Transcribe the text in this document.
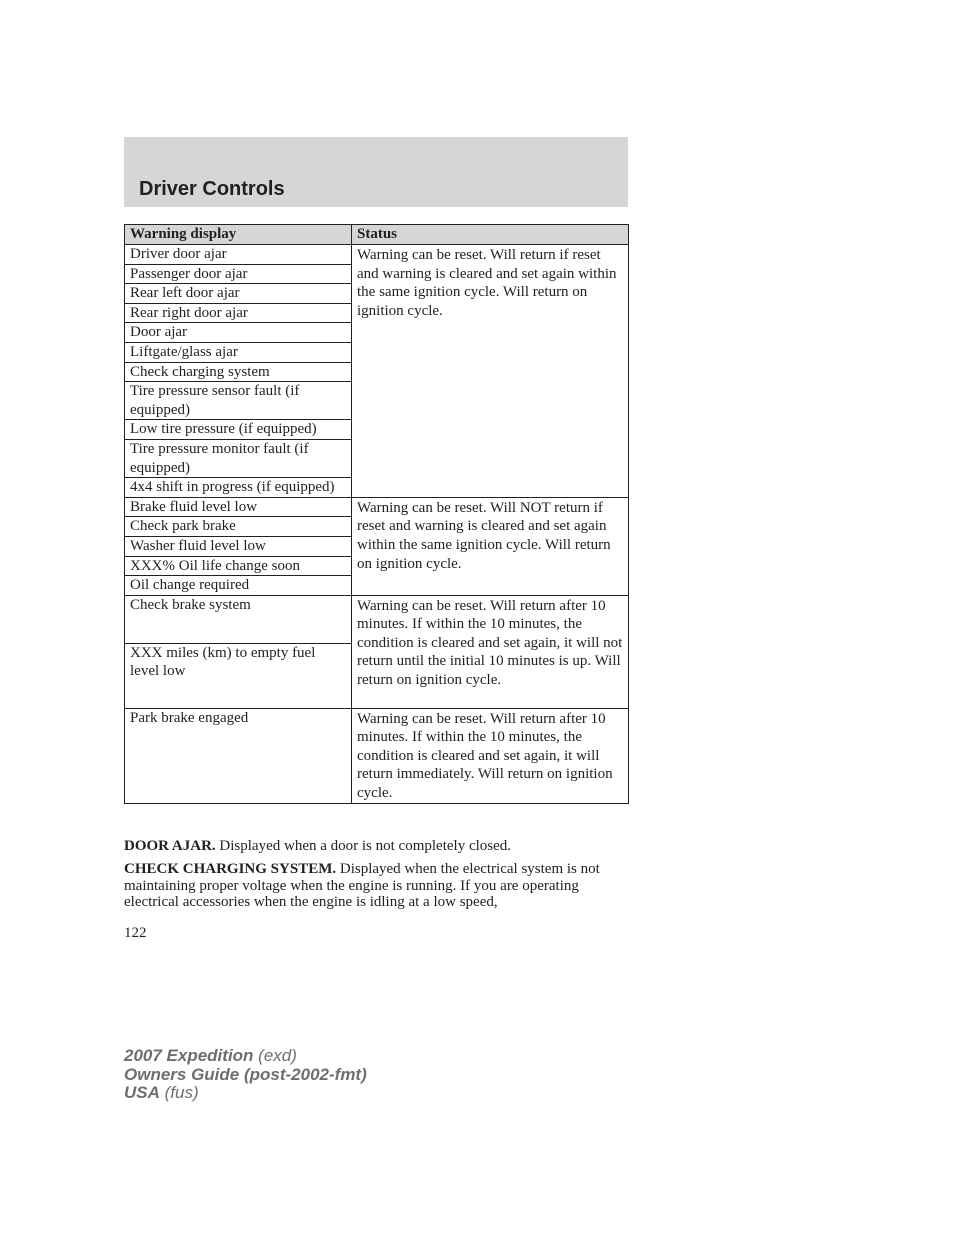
Driver Controls
Warning display	Status
Driver door ajar	Warning can be reset. Will return if reset and warning is cleared and set again within the same ignition cycle. Will return on ignition cycle.
Passenger door ajar	
Rear left door ajar	
Rear right door ajar	
Door ajar	
Liftgate/glass ajar	
Check charging system	
Tire pressure sensor fault (if equipped)	
Low tire pressure (if equipped)	
Tire pressure monitor fault (if equipped)	
4x4 shift in progress (if equipped)	
Brake fluid level low	Warning can be reset. Will NOT return if reset and warning is cleared and set again within the same ignition cycle. Will return on ignition cycle.
Check park brake	
Washer fluid level low	
XXX% Oil life change soon	
Oil change required	
Check brake system	Warning can be reset. Will return after 10 minutes. If within the 10 minutes, the condition is cleared and set again, it will not return until the initial 10 minutes is up. Will return on ignition cycle.
XXX miles (km) to empty fuel level low	
Park brake engaged	Warning can be reset. Will return after 10 minutes. If within the 10 minutes, the condition is cleared and set again, it will return immediately. Will return on ignition cycle.

DOOR AJAR. Displayed when a door is not completely closed.

CHECK CHARGING SYSTEM. Displayed when the electrical system is not maintaining proper voltage when the engine is running. If you are operating electrical accessories when the engine is idling at a low speed,

122
2007 Expedition (exd)
Owners Guide (post-2002-fmt)
USA (fus)
